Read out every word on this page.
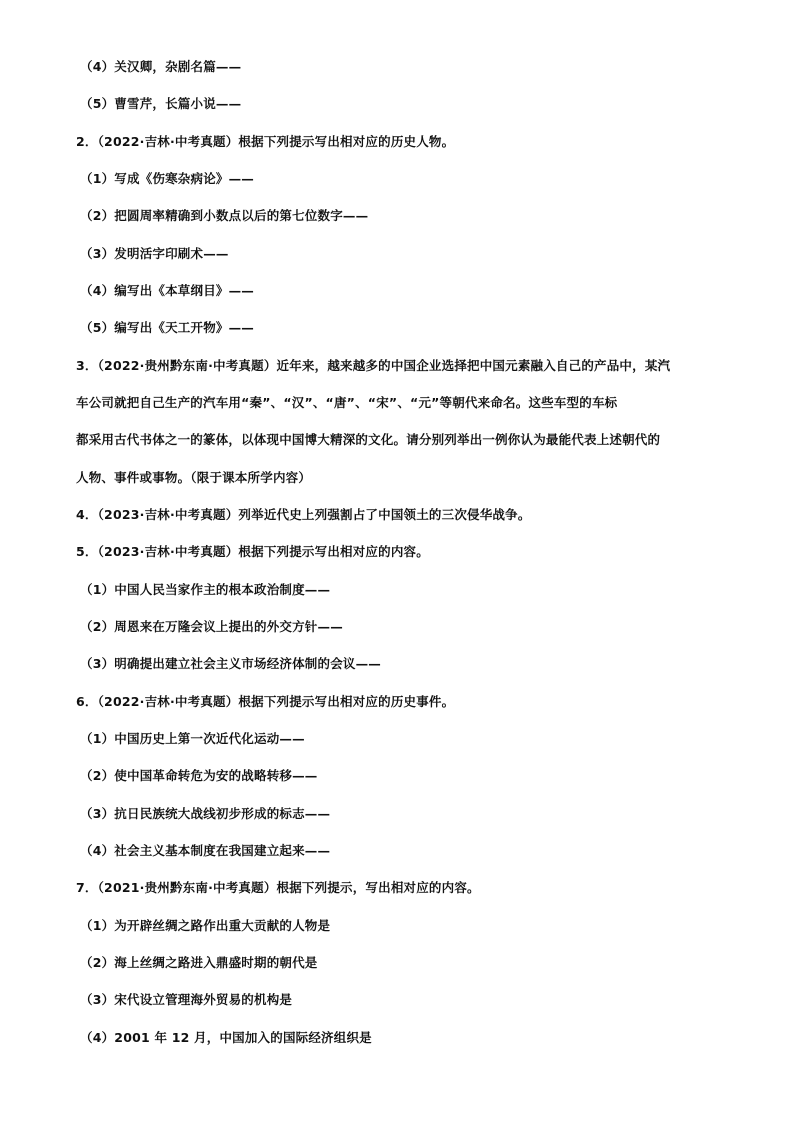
（4）关汉卿，杂剧名篇——
（5）曹雪芹，长篇小说——
2．（2022·吉林·中考真题）根据下列提示写出相对应的历史人物。
（1）写成《伤寒杂病论》——
（2）把圆周率精确到小数点以后的第七位数字——
（3）发明活字印刷术——
（4）编写出《本草纲目》——
（5）编写出《天工开物》——
3．（2022·贵州黔东南·中考真题）近年来，越来越多的中国企业选择把中国元素融入自己的产品中，某汽
车公司就把自己生产的汽车用“秦”、“汉”、“唐”、“宋”、“元”等朝代来命名。这些车型的车标
都采用古代书体之一的篆体，以体现中国博大精深的文化。请分别列举出一例你认为最能代表上述朝代的
人物、事件或事物。（限于课本所学内容）
4．（2023·吉林·中考真题）列举近代史上列强割占了中国领土的三次侵华战争。
5．（2023·吉林·中考真题）根据下列提示写出相对应的内容。
（1）中国人民当家作主的根本政治制度——
（2）周恩来在万隆会议上提出的外交方针——
（3）明确提出建立社会主义市场经济体制的会议——
6．（2022·吉林·中考真题）根据下列提示写出相对应的历史事件。
（1）中国历史上第一次近代化运动——
（2）使中国革命转危为安的战略转移——
（3）抗日民族统大战线初步形成的标志——
（4）社会主义基本制度在我国建立起来——
7．（2021·贵州黔东南·中考真题）根据下列提示，写出相对应的内容。
（1）为开辟丝绸之路作出重大贡献的人物是
（2）海上丝绸之路进入鼎盛时期的朝代是
（3）宋代设立管理海外贸易的机构是
（4）2001 年 12 月，中国加入的国际经济组织是
